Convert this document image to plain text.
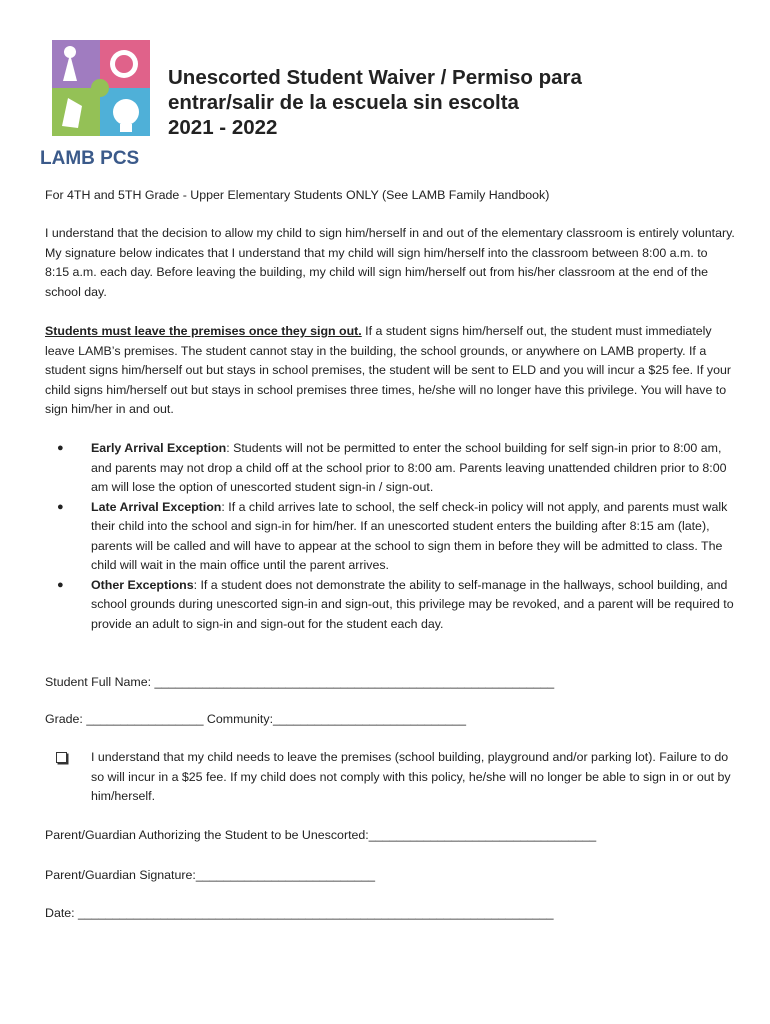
LAMB PCS
Unescorted Student Waiver / Permiso para
entrar/salir de la escuela sin escolta
2021 - 2022
For 4TH and 5TH Grade - Upper Elementary Students ONLY (See LAMB Family Handbook)
I understand that the decision to allow my child to sign him/herself in and out of the elementary classroom is entirely voluntary. My signature below indicates that I understand that my child will sign him/herself into the classroom between 8:00 a.m. to 8:15 a.m. each day. Before leaving the building, my child will sign him/herself out from his/her classroom at the end of the school day.
Students must leave the premises once they sign out. If a student signs him/herself out, the student must immediately leave LAMB’s premises. The student cannot stay in the building, the school grounds, or anywhere on LAMB property. If a student signs him/herself out but stays in school premises, the student will be sent to ELD and you will incur a $25 fee. If your child signs him/herself out but stays in school premises three times, he/she will no longer have this privilege. You will have to sign him/her in and out.
● Early Arrival Exception: Students will not be permitted to enter the school building for self sign-in prior to 8:00 am, and parents may not drop a child off at the school prior to 8:00 am. Parents leaving unattended children prior to 8:00 am will lose the option of unescorted student sign-in / sign-out.
● Late Arrival Exception: If a child arrives late to school, the self check-in policy will not apply, and parents must walk their child into the school and sign-in for him/her. If an unescorted student enters the building after 8:15 am (late), parents will be called and will have to appear at the school to sign them in before they will be admitted to class. The child will wait in the main office until the parent arrives.
● Other Exceptions: If a student does not demonstrate the ability to self-manage in the hallways, school building, and school grounds during unescorted sign-in and sign-out, this privilege may be revoked, and a parent will be required to provide an adult to sign-in and sign-out for the student each day.
Student Full Name: __________________________________________________________
Grade: _________________ Community:____________________________
I understand that my child needs to leave the premises (school building, playground and/or parking lot). Failure to do so will incur in a $25 fee. If my child does not comply with this policy, he/she will no longer be able to sign in or out by him/herself.
Parent/Guardian Authorizing the Student to be Unescorted:_________________________________
Parent/Guardian Signature:__________________________
Date: _____________________________________________________________________
